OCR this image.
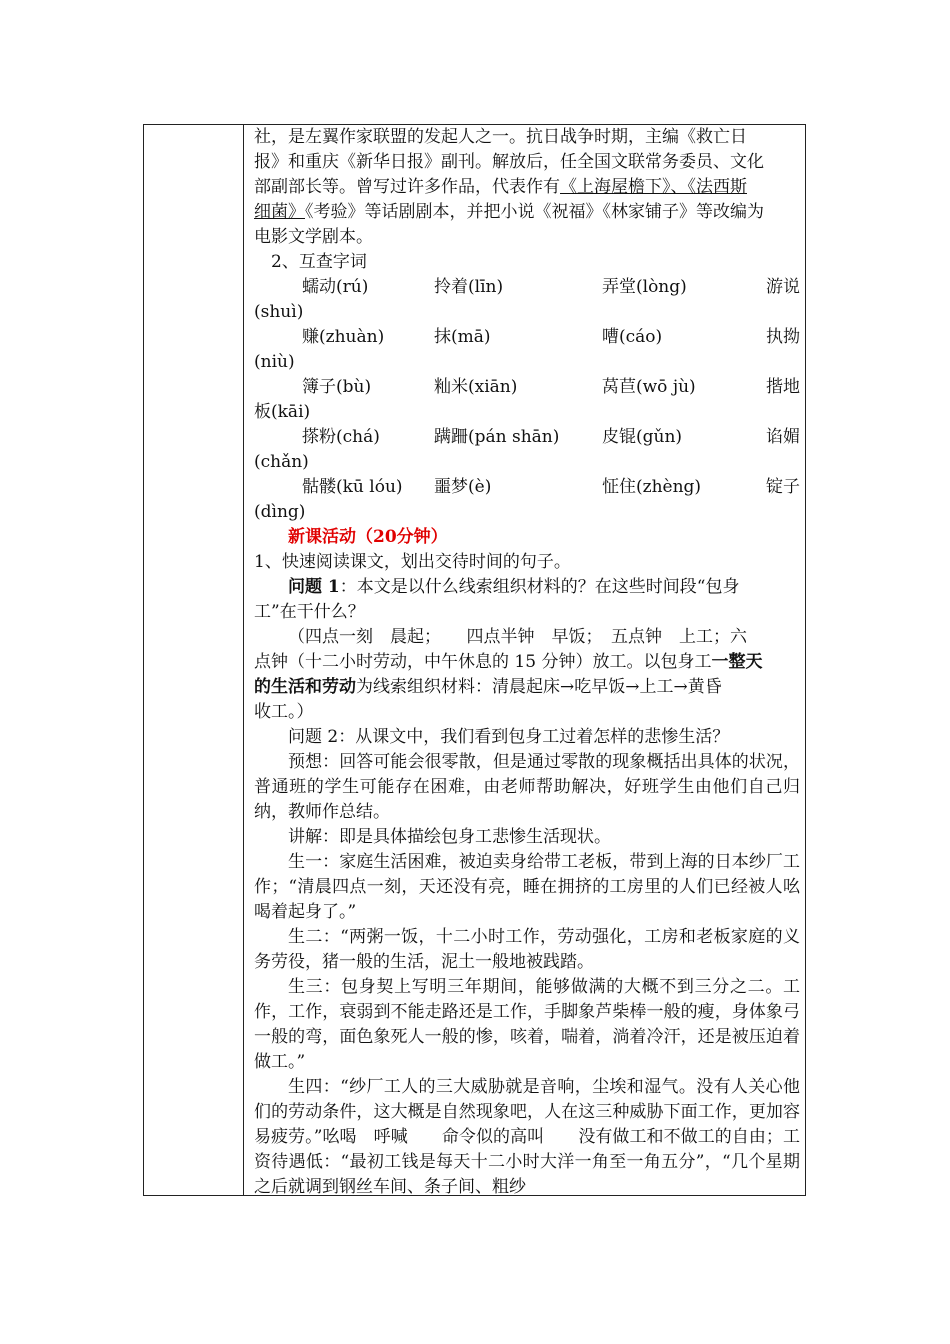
社，是左翼作家联盟的发起人之一。抗日战争时期，主编《救亡日

报》和重庆《新华日报》副刊。解放后，任全国文联常务委员、文化

部副部长等。曾写过许多作品，代表作有《上海屋檐下》、《法西斯

细菌》《考验》等话剧剧本，并把小说《祝福》《林家铺子》等改编为

电影文学剧本。

2、互查字词

蠕动(rú)	拎着(līn)	弄堂(lòng)	游说

(shuì)

赚(zhuàn)	抹(mā)	嘈(cáo)	执拗

(niù)

簿子(bù)	籼米(xiān)	莴苣(wō jù)	揩地

板(kāi)

搽粉(chá)	蹒跚(pán shān)	皮锟(gǔn)	谄媚

(chǎn)

骷髅(kū lóu)	噩梦(è)	怔住(zhèng)	锭子

(dìng)

新课活动（20分钟）

1、快速阅读课文，划出交待时间的句子。

问题 1：本文是以什么线索组织材料的？在这些时间段“包身

工”在干什么？

（四点一刻　晨起；　　四点半钟　早饭；　五点钟　上工；六

点钟（十二小时劳动，中午休息的 15 分钟）放工。以包身工一整天

的生活和劳动为线索组织材料：清晨起床→吃早饭→上工→黄昏

收工。）

问题 2：从课文中，我们看到包身工过着怎样的悲惨生活？

预想：回答可能会很零散，但是通过零散的现象概括出具体的状况，普通班的学生可能存在困难，由老师帮助解决，好班学生由他们自己归纳，教师作总结。

讲解：即是具体描绘包身工悲惨生活现状。

生一：家庭生活困难，被迫卖身给带工老板，带到上海的日本纱厂工作；“清晨四点一刻，天还没有亮，睡在拥挤的工房里的人们已经被人吆喝着起身了。”

生二：“两粥一饭，十二小时工作，劳动强化，工房和老板家庭的义务劳役，猪一般的生活，泥土一般地被践踏。

生三：包身契上写明三年期间，能够做满的大概不到三分之二。工作，工作，衰弱到不能走路还是工作，手脚象芦柴棒一般的瘦，身体象弓一般的弯，面色象死人一般的惨，咳着，喘着，淌着冷汗，还是被压迫着做工。”

生四：“纱厂工人的三大威胁就是音响，尘埃和湿气。没有人关心他们的劳动条件，这大概是自然现象吧，人在这三种威胁下面工作，更加容易疲劳。”吆喝　呼喊　　命令似的高叫　　没有做工和不做工的自由；工资待遇低：“最初工钱是每天十二小时大洋一角至一角五分”，“几个星期之后就调到钢丝车间、条子间、粗纱
